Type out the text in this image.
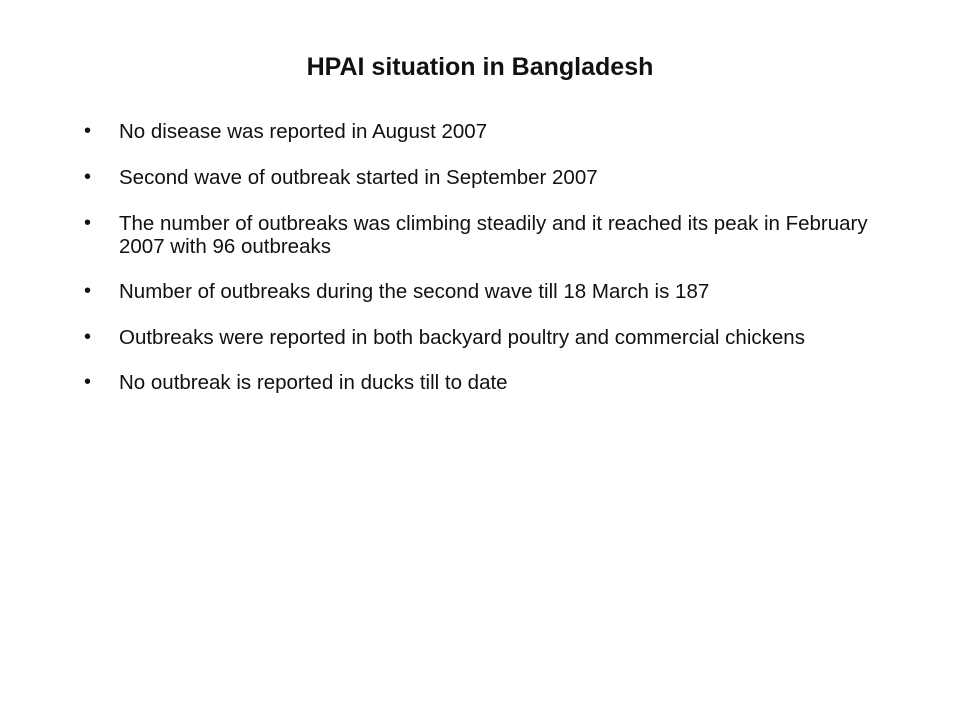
HPAI situation in Bangladesh
• No disease was reported in August 2007
• Second wave of outbreak started in September 2007
• The number of outbreaks was climbing steadily and it reached its peak in February 2007 with 96 outbreaks
• Number of outbreaks during the second wave till 18 March is 187
• Outbreaks were reported in both backyard poultry and commercial chickens
• No outbreak is reported in ducks till to date
